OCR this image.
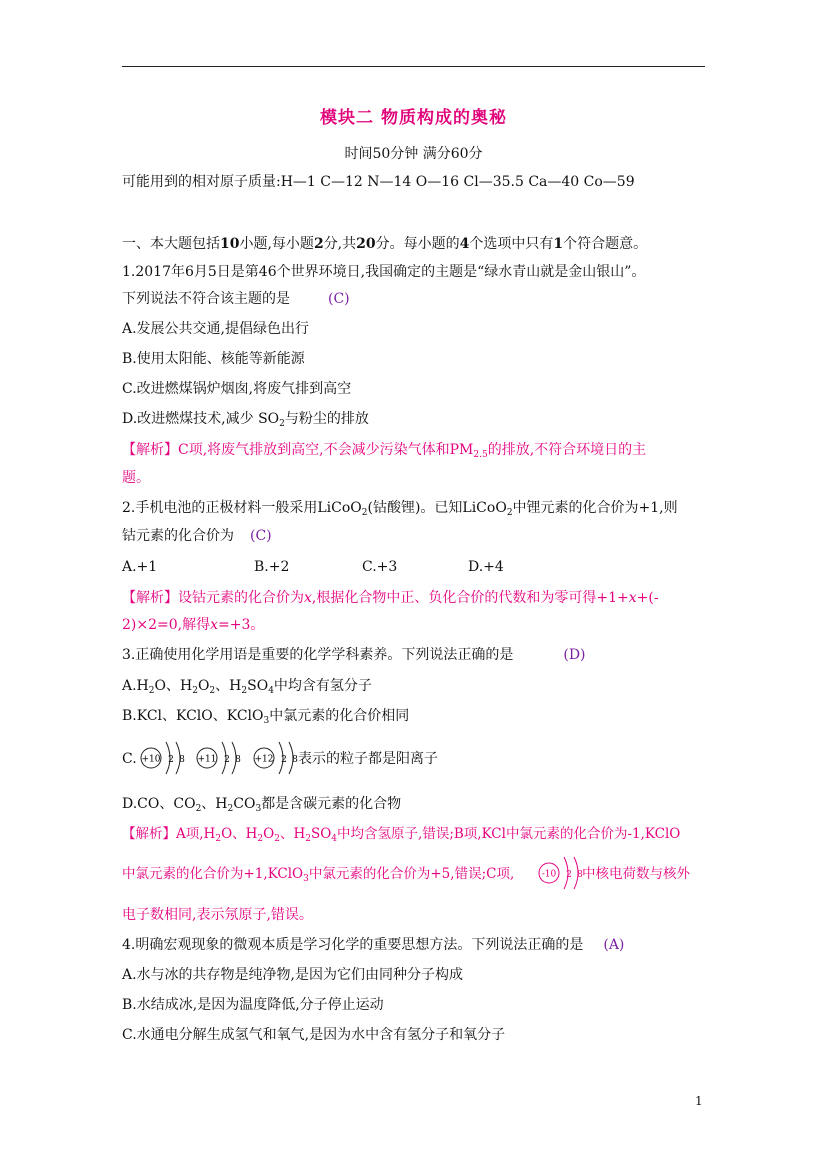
模块二 物质构成的奥秘
时间50分钟 满分60分
可能用到的相对原子质量:H—1 C—12 N—14 O—16 Cl—35.5 Ca—40 Co—59
一、本大题包括10小题,每小题2分,共20分。每小题的4个选项中只有1个符合题意。
1.2017年6月5日是第46个世界环境日,我国确定的主题是“绿水青山就是金山银山”。
下列说法不符合该主题的是	(C)
A.发展公共交通,提倡绿色出行
B.使用太阳能、核能等新能源
C.改进燃煤锅炉烟囱,将废气排到高空
D.改进燃煤技术,减少 $SO_2$与粉尘的排放
【解析】C项,将废气排放到高空,不会减少污染气体和$PM_{2.5}$的排放,不符合环境日的主
题。
2.手机电池的正极材料一般采用LiCoO$_2$(钴酸锂)。已知LiCoO$_2$中锂元素的化合价为+1,则
钴元素的化合价为 (C)
A.+1	B.+2	C.+3	D.+4
【解析】设钴元素的化合价为x,根据化合物中正、负化合价的代数和为零可得+1+x+(-
2)×2=0,解得x=+3。
3.正确使用化学用语是重要的化学学科素养。下列说法正确的是	(D)
$A.H_2O$、$H_2O_2$、$H_2SO_4$中均含有氢分子
B.KCl、KClO、KClO$_3$中氯元素的化合价相同
C. +10 2 8 +11 2 8 +12 2 8 表示的粒子都是阳离子
D.CO、$CO_2$、$H_2CO_3$都是含碳元素的化合物
【解析】A项$,H_2O$、$H_2O_2$、$H_2SO_4$中均含氢原子,错误;B项,KCl中氯元素的化合价为-1,KClO
中氯元素的化合价为+1,KClO$_3$中氯元素的化合价为+5,错误;C项,	-10 2 8 中核电荷数与核外
电子数相同,表示氖原子,错误。
4.明确宏观现象的微观本质是学习化学的重要思想方法。下列说法正确的是 (A)
A.水与冰的共存物是纯净物,是因为它们由同种分子构成
B.水结成冰,是因为温度降低,分子停止运动
C.水通电分解生成氢气和氧气,是因为水中含有氢分子和氧分子
1
